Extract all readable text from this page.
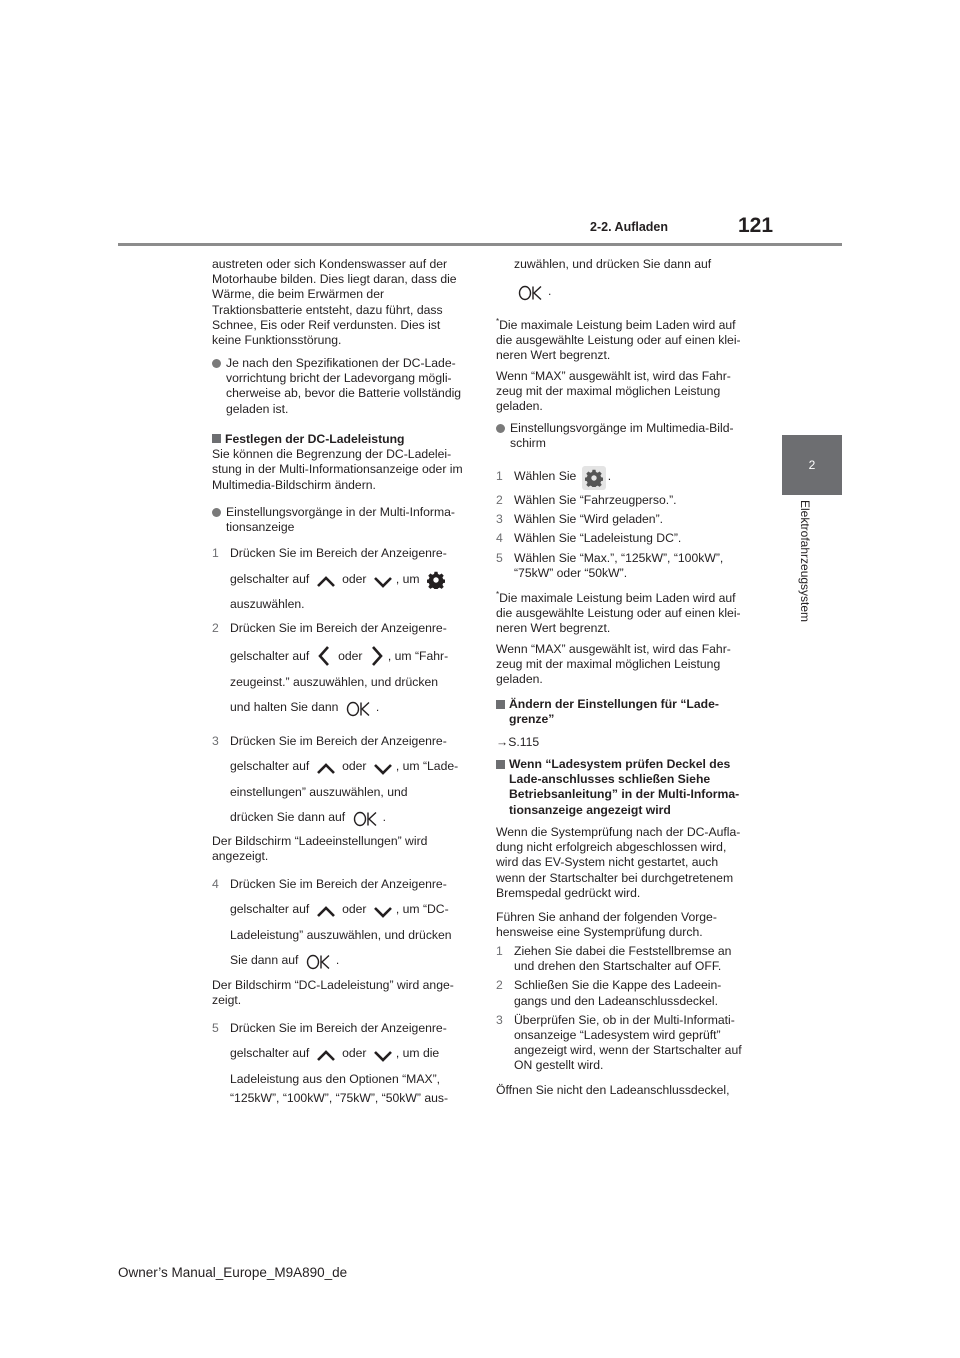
2-2. Aufladen	121
2
Elektrofahrzeugsystem

austreten oder sich Kondenswasser auf der Motorhaube bilden. Dies liegt daran, dass die Wärme, die beim Erwärmen der Traktionsbatterie entsteht, dazu führt, dass Schnee, Eis oder Reif verdunsten. Dies ist keine Funktionsstörung.

Je nach den Spezifikationen der DC-Lade-vorrichtung bricht der Ladevorgang mögli-cherweise ab, bevor die Batterie vollständig geladen ist.
Festlegen der DC-Ladeleistung

Sie können die Begrenzung der DC-Ladelei-stung in der Multi-Informationsanzeige oder im Multimedia-Bildschirm ändern.

Einstellungsvorgänge in der Multi-Informa-tionsanzeige
1 Drücken Sie im Bereich der Anzeigenre-
gelschalter auf	oder , um
auszuwählen.
2 Drücken Sie im Bereich der Anzeigenre-
gelschalter auf oder , um “Fahr-
zeugeinst.” auszuwählen, und drücken
und halten Sie dann	.
3 Drücken Sie im Bereich der Anzeigenre-
gelschalter auf	oder , um “Lade-
einstellungen” auszuwählen, und
drücken Sie dann auf	.

Der Bildschirm “Ladeeinstellungen” wird angezeigt.

4 Drücken Sie im Bereich der Anzeigenre-
gelschalter auf	oder , um “DC-
Ladeleistung” auszuwählen, und drücken
Sie dann auf	.

Der Bildschirm “DC-Ladeleistung” wird ange-zeigt.

5 Drücken Sie im Bereich der Anzeigenre-
gelschalter auf	oder , um die
Ladeleistung aus den Optionen “MAX”,
“125kW”, “100kW”, “75kW”, “50kW” aus-
zuwählen, und drücken Sie dann auf
.

*Die maximale Leistung beim Laden wird auf die ausgewählte Leistung oder auf einen klei-neren Wert begrenzt.

Wenn “MAX” ausgewählt ist, wird das Fahr-zeug mit der maximal möglichen Leistung geladen.

Einstellungsvorgänge im Multimedia-Bild-schirm
1 Wählen Sie	.
2 Wählen Sie “Fahrzeugperso.”.
3 Wählen Sie “Wird geladen”.
4 Wählen Sie “Ladeleistung DC”.
5 Wählen Sie “Max.”, “125kW”, “100kW”, “75kW” oder “50kW”.

*Die maximale Leistung beim Laden wird auf die ausgewählte Leistung oder auf einen klei-neren Wert begrenzt.

Wenn “MAX” ausgewählt ist, wird das Fahr-zeug mit der maximal möglichen Leistung geladen.

Ändern der Einstellungen für “Lade-grenze”
→S.115
Wenn “Ladesystem prüfen Deckel des Lade-anschlusses schließen Siehe Betriebsanleitung” in der Multi-Informa-tionsanzeige angezeigt wird

Wenn die Systemprüfung nach der DC-Aufla-dung nicht erfolgreich abgeschlossen wird, wird das EV-System nicht gestartet, auch wenn der Startschalter bei durchgetretenem Bremspedal gedrückt wird.

Führen Sie anhand der folgenden Vorge-hensweise eine Systemprüfung durch.

1 Ziehen Sie dabei die Feststellbremse an und drehen den Startschalter auf OFF.
2 Schließen Sie die Kappe des Ladeein-gangs und den Ladeanschlussdeckel.
3 Überprüfen Sie, ob in der Multi-Informati-onsanzeige “Ladesystem wird geprüft” angezeigt wird, wenn der Startschalter auf ON gestellt wird.

Öffnen Sie nicht den Ladeanschlussdeckel,

Owner’s Manual_Europe_M9A890_de
